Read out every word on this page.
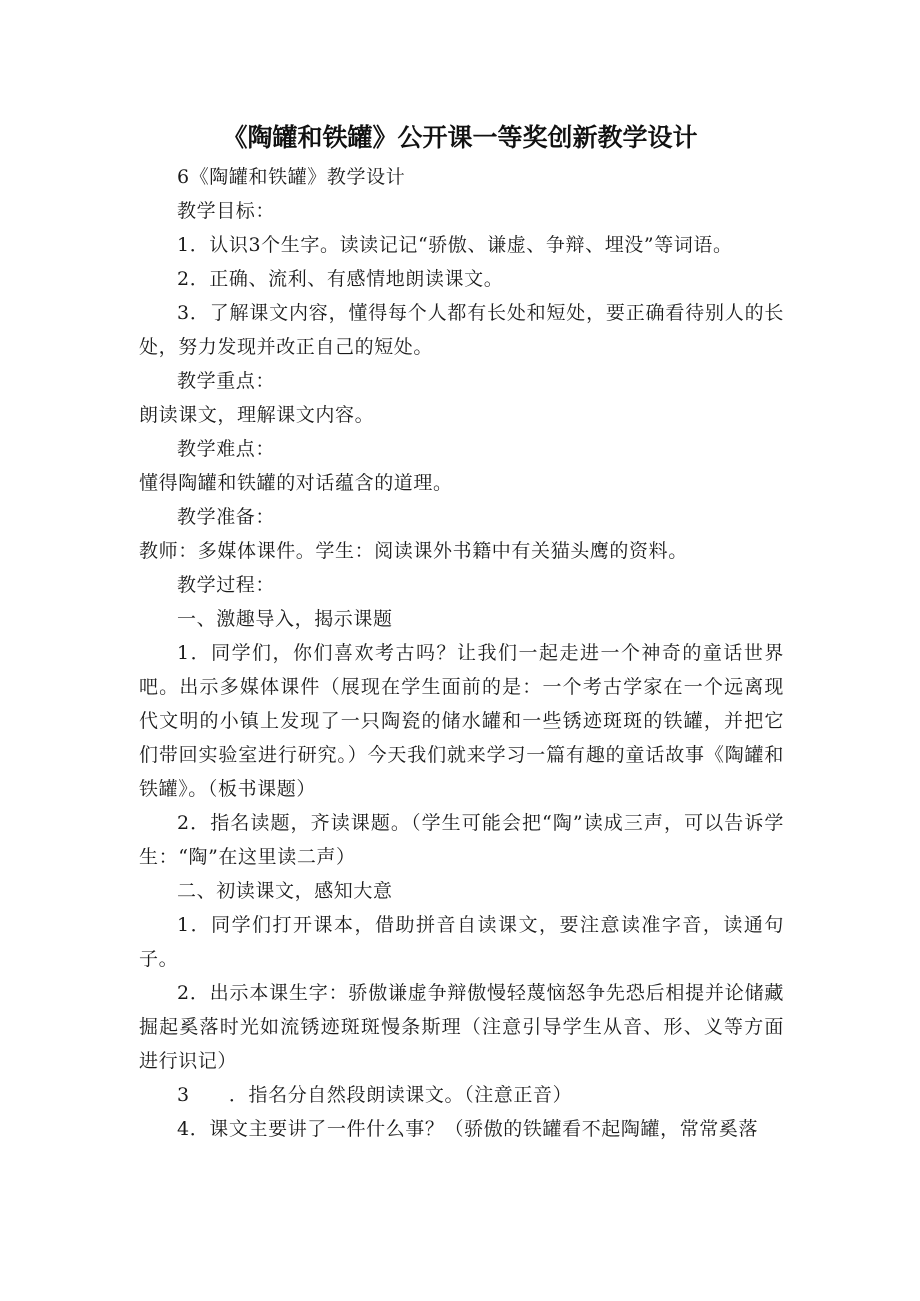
《陶罐和铁罐》公开课一等奖创新教学设计

6《陶罐和铁罐》教学设计

教学目标：

1．认识3个生字。读读记记“骄傲、谦虚、争辩、埋没”等词语。

2．正确、流利、有感情地朗读课文。

3．了解课文内容，懂得每个人都有长处和短处，要正确看待别人的长处，努力发现并改正自己的短处。

教学重点：

朗读课文，理解课文内容。

教学难点：

懂得陶罐和铁罐的对话蕴含的道理。

教学准备：

教师：多媒体课件。学生：阅读课外书籍中有关猫头鹰的资料。

教学过程：

一、激趣导入，揭示课题

1．同学们，你们喜欢考古吗？让我们一起走进一个神奇的童话世界吧。出示多媒体课件（展现在学生面前的是：一个考古学家在一个远离现代文明的小镇上发现了一只陶瓷的储水罐和一些锈迹斑斑的铁罐，并把它们带回实验室进行研究。）今天我们就来学习一篇有趣的童话故事《陶罐和铁罐》。（板书课题）

2．指名读题，齐读课题。（学生可能会把“陶”读成三声，可以告诉学生：“陶”在这里读二声）

二、初读课文，感知大意

1．同学们打开课本，借助拼音自读课文，要注意读准字音，读通句子。

2．出示本课生字：骄傲谦虚争辩傲慢轻蔑恼怒争先恐后相提并论储藏掘起奚落时光如流锈迹斑斑慢条斯理（注意引导学生从音、形、义等方面进行识记）

3　　．指名分自然段朗读课文。（注意正音）

4．课文主要讲了一件什么事？（骄傲的铁罐看不起陶罐，常常奚落
